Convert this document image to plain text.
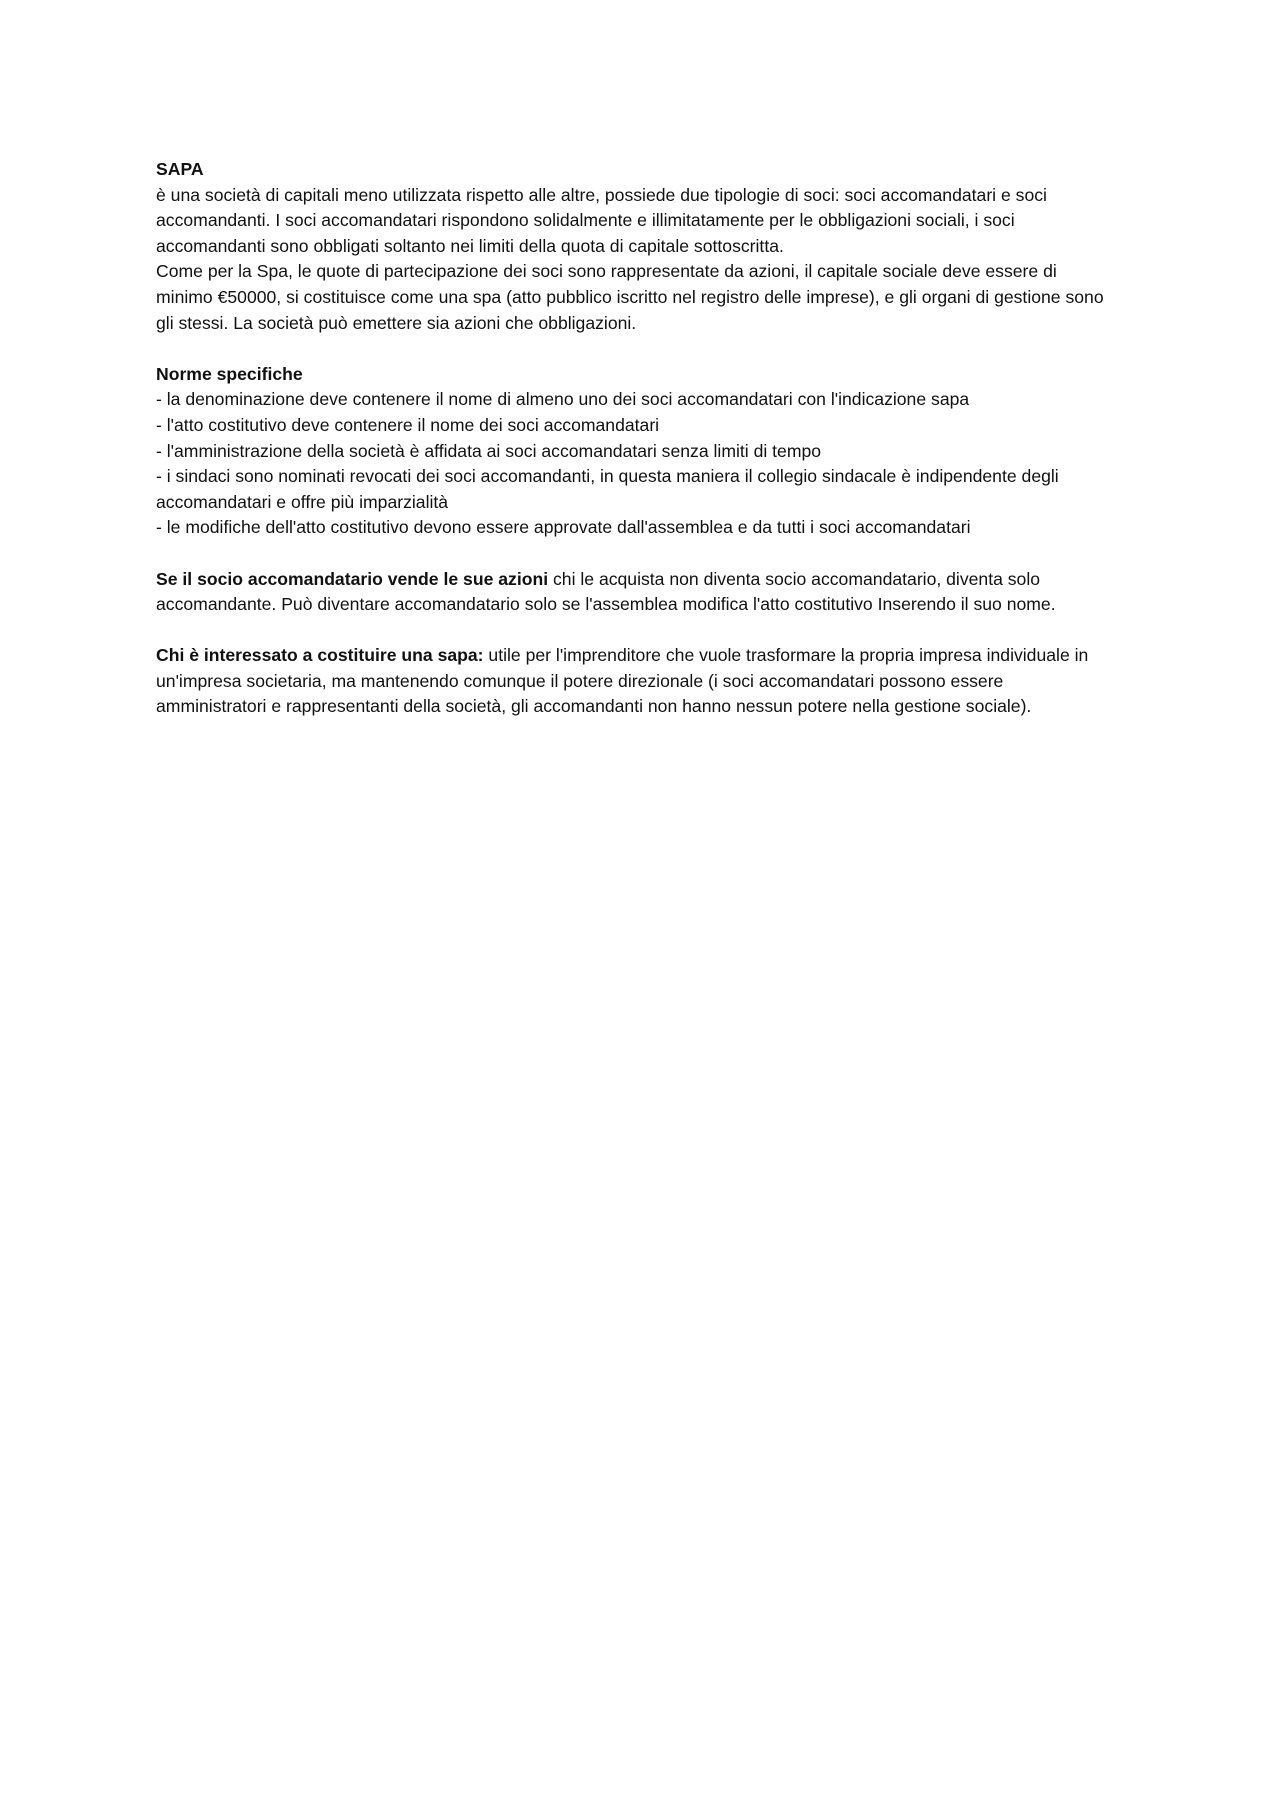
SAPA

è una società di capitali meno utilizzata rispetto alle altre, possiede due tipologie di soci: soci accomandatari e soci accomandanti. I soci accomandatari rispondono solidalmente e illimitatamente per le obbligazioni sociali, i soci accomandanti sono obbligati soltanto nei limiti della quota di capitale sottoscritta.

Come per la Spa, le quote di partecipazione dei soci sono rappresentate da azioni, il capitale sociale deve essere di minimo €50000, si costituisce come una spa (atto pubblico iscritto nel registro delle imprese), e gli organi di gestione sono gli stessi. La società può emettere sia azioni che obbligazioni.

Norme specifiche

- la denominazione deve contenere il nome di almeno uno dei soci accomandatari con l'indicazione sapa

- l'atto costitutivo deve contenere il nome dei soci accomandatari

- l'amministrazione della società è affidata ai soci accomandatari senza limiti di tempo

- i sindaci sono nominati revocati dei soci accomandanti, in questa maniera il collegio sindacale è indipendente degli accomandatari e offre più imparzialità

- le modifiche dell'atto costitutivo devono essere approvate dall'assemblea e da tutti i soci accomandatari

Se il socio accomandatario vende le sue azioni chi le acquista non diventa socio accomandatario, diventa solo accomandante. Può diventare accomandatario solo se l'assemblea modifica l'atto costitutivo Inserendo il suo nome.

Chi è interessato a costituire una sapa: utile per l'imprenditore che vuole trasformare la propria impresa individuale in un'impresa societaria, ma mantenendo comunque il potere direzionale (i soci accomandatari possono essere amministratori e rappresentanti della società, gli accomandanti non hanno nessun potere nella gestione sociale).
